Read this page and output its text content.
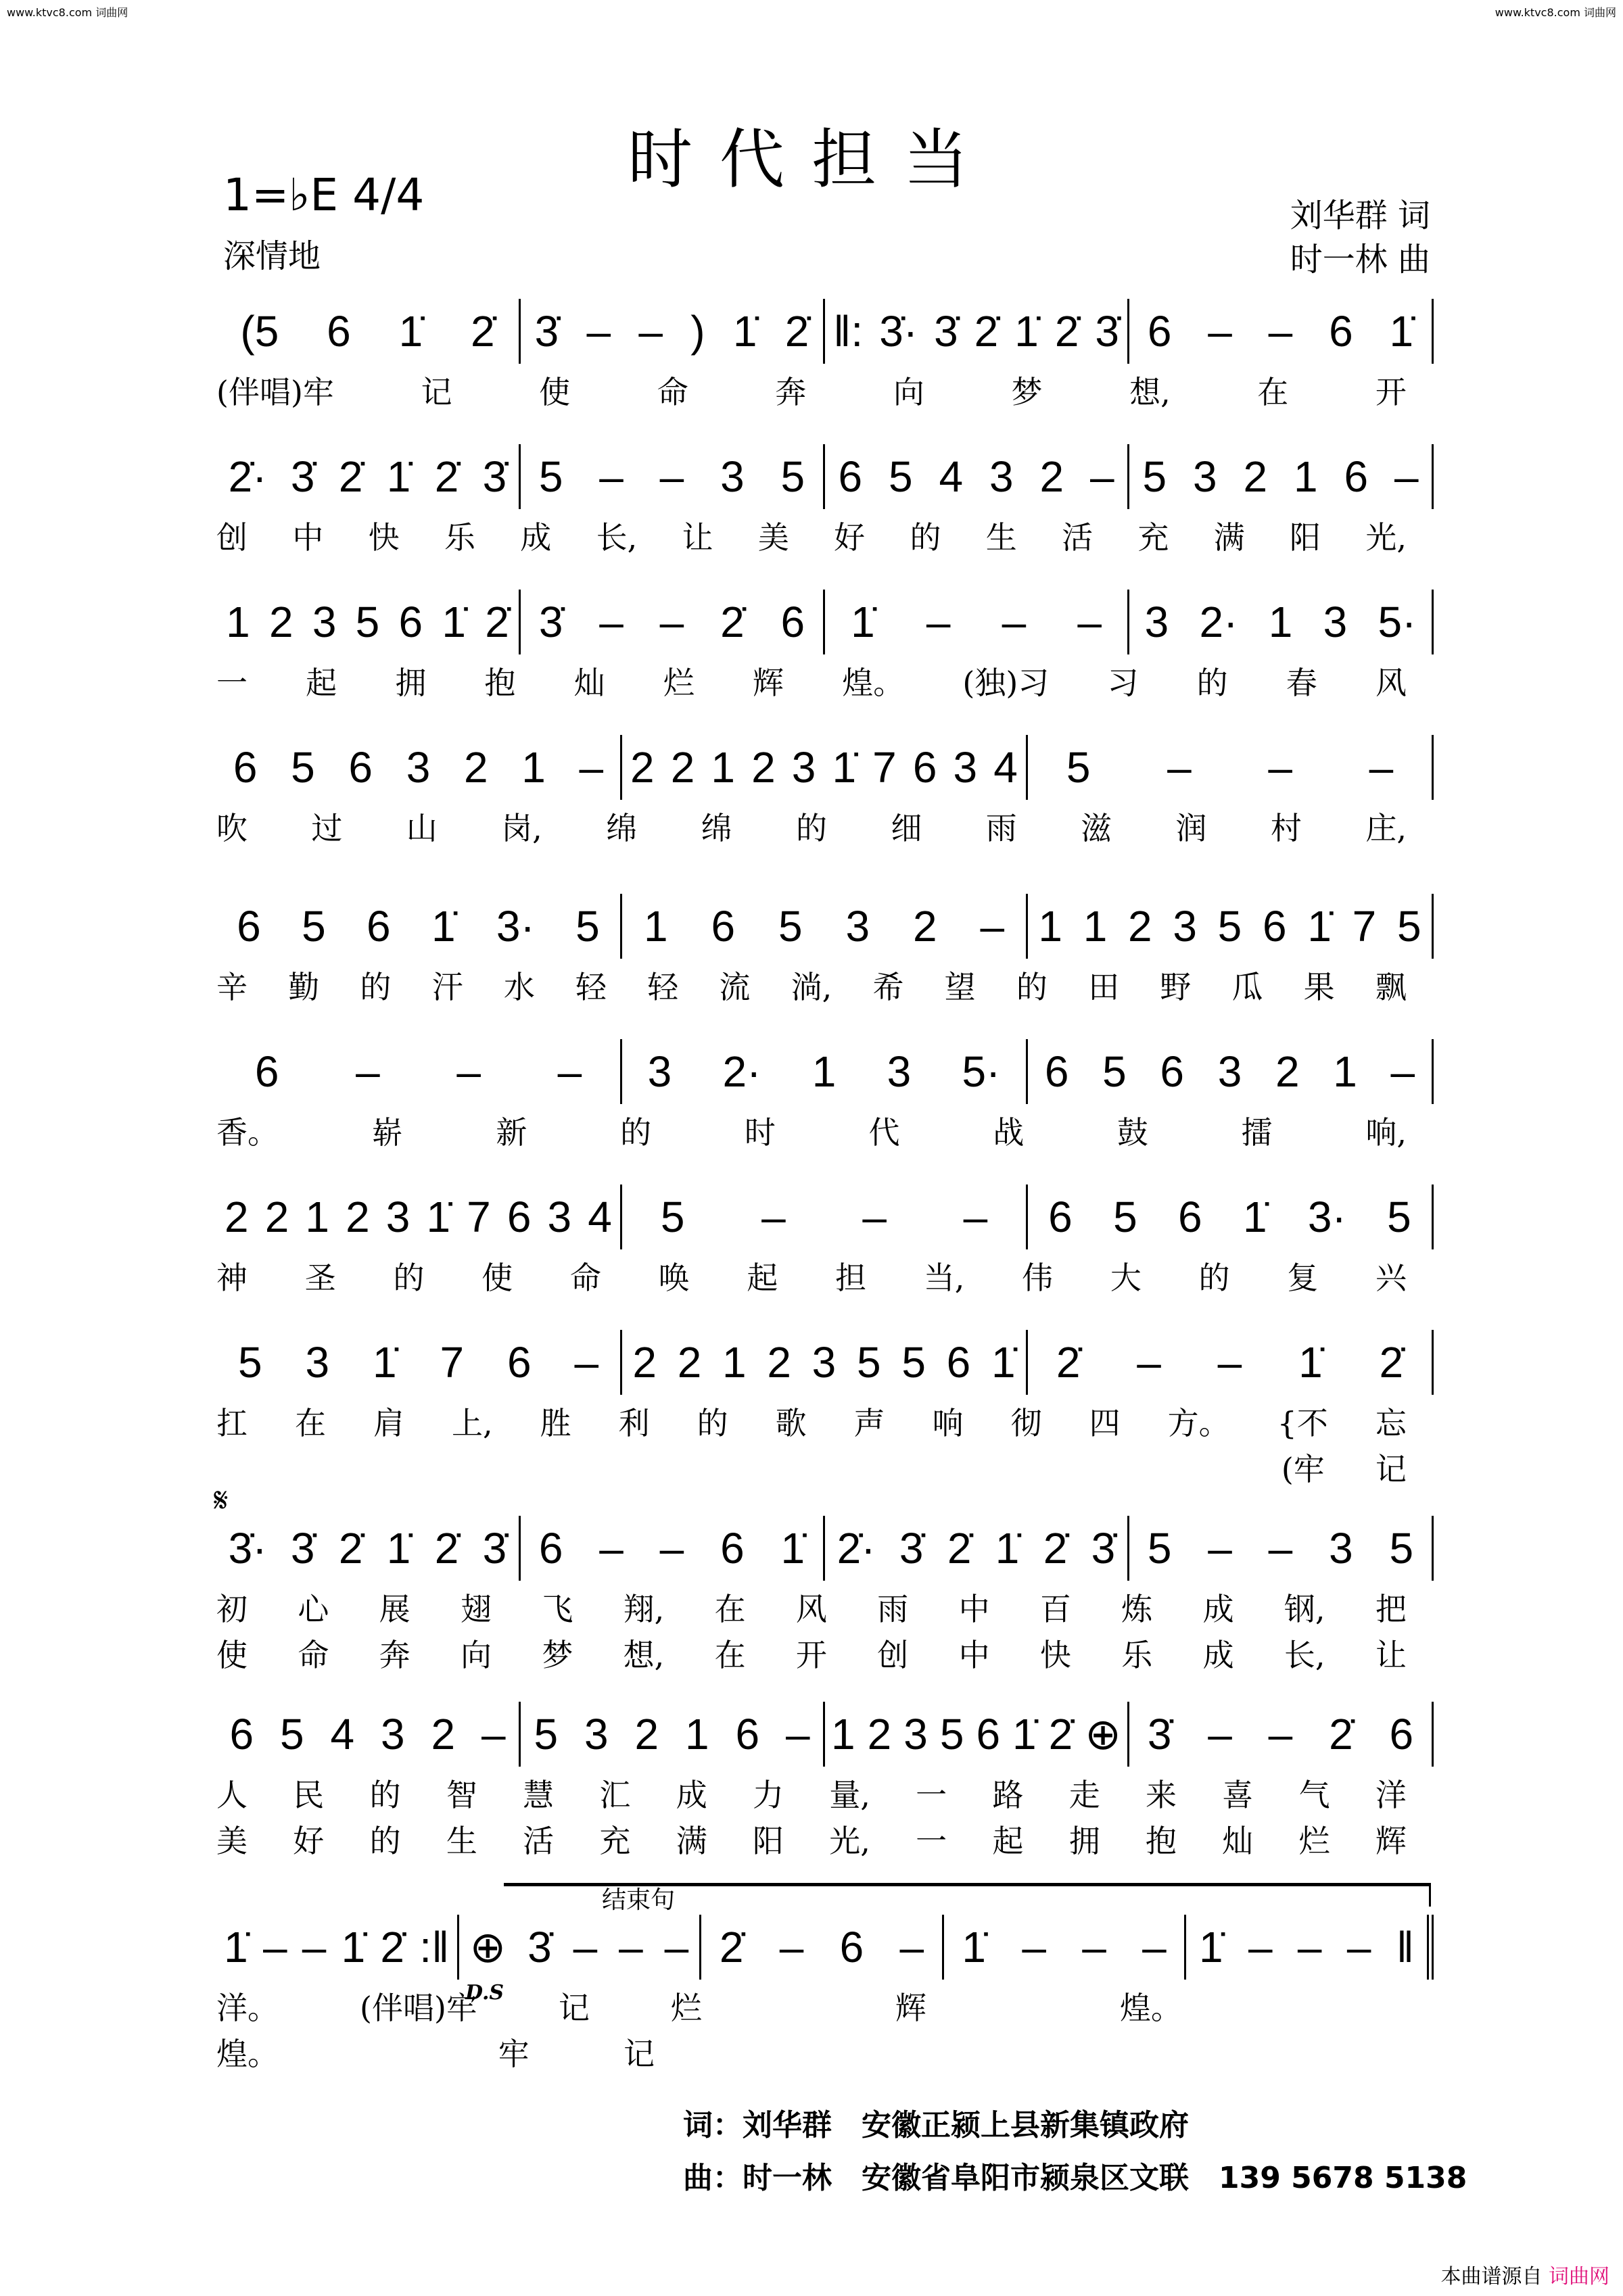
www.ktvc8.com 词曲网	www.ktvc8.com 词曲网
时代担当
1=♭E 4/4
深情地
刘华群 词
时一林 曲
𝄋
结束句
D.S
(5 6 1̇ 2̇ 3̇ – – ) 1̇ 2̇ ‖: 3̇· 3̇ 2̇ 1̇ 2̇ 3̇ 6 – – 6 1̇
(伴唱)牢	记	使	命	奔	向	梦	想,	在	开
2̇· 3̇ 2̇ 1̇ 2̇ 3̇ 5 – – 3 5 6 5 4 3 2 – 5 3 2 1 6 –
创 中 快 乐 成 长, 让 美 好 的 生 活 充 满 阳 光,
1 2 3 5 6 1̇ 2̇ 3̇ – – 2̇ 6 1̇ – – – 3 2· 1 3 5·
一 起 拥 抱 灿 烂 辉 煌。 (独)习 习 的 春 风
6 5 6 3 2 1 – 2 2 1 2 3 1̇ 7 6 3 4 5 – – –
吹 过 山 岗, 绵 绵 的 细 雨 滋 润 村 庄,
6 5 6 1̇ 3· 5 1 6 5 3 2 – 1 1 2 3 5 6 1̇ 7 5
辛 勤 的 汗 水 轻 轻 流 淌, 希 望 的 田 野 瓜 果 飘
6 – – – 3 2· 1 3 5· 6 5 6 3 2 1 –
香。	崭	新	的	时	代	战	鼓	擂	响,
2 2 1 2 3 1̇ 7 6 3 4 5 – – – 6 5 6 1̇ 3· 5
神 圣 的 使 命 唤 起 担 当, 伟 大 的 复 兴
5 3 1̇ 7 6 – 2 2 1 2 3 5 5 6 1̇ 2̇ – – 1̇ 2̇
扛 在 肩 上, 胜 利 的 歌 声 响 彻 四 方。 {不 忘

(牢 记
3̇· 3̇ 2̇ 1̇ 2̇ 3̇ 6 – – 6 1̇ 2̇· 3̇ 2̇ 1̇ 2̇ 3̇ 5 – – 3 5
初 心 展 翅 飞 翔, 在 风 雨 中 百 炼 成 钢, 把
使 命 奔 向 梦 想, 在 开 创 中 快 乐 成 长, 让
6 5 4 3 2 – 5 3 2 1 6 – 1 2 3 5 6 1̇ 2̇ ⊕ 3̇ – – 2̇ 6
人 民 的 智 慧 汇 成 力 量, 一 路 走 来 喜 气 洋
美 好 的 生 活 充 满 阳 光, 一 起 拥 抱 灿 烂 辉
1̇ – – 1̇ 2̇ :‖ ⊕ 3̇ – – – 2̇ – 6 – 1̇ – – – 1̇ – – – ‖
洋。	(伴唱)牢	记	烂
　	辉
　	煌。

煌。
　	牢	记

词：刘华群　安徽正颍上县新集镇政府
曲：时一林　安徽省阜阳市颍泉区文联　139 5678 5138
本曲谱源自 词曲网
